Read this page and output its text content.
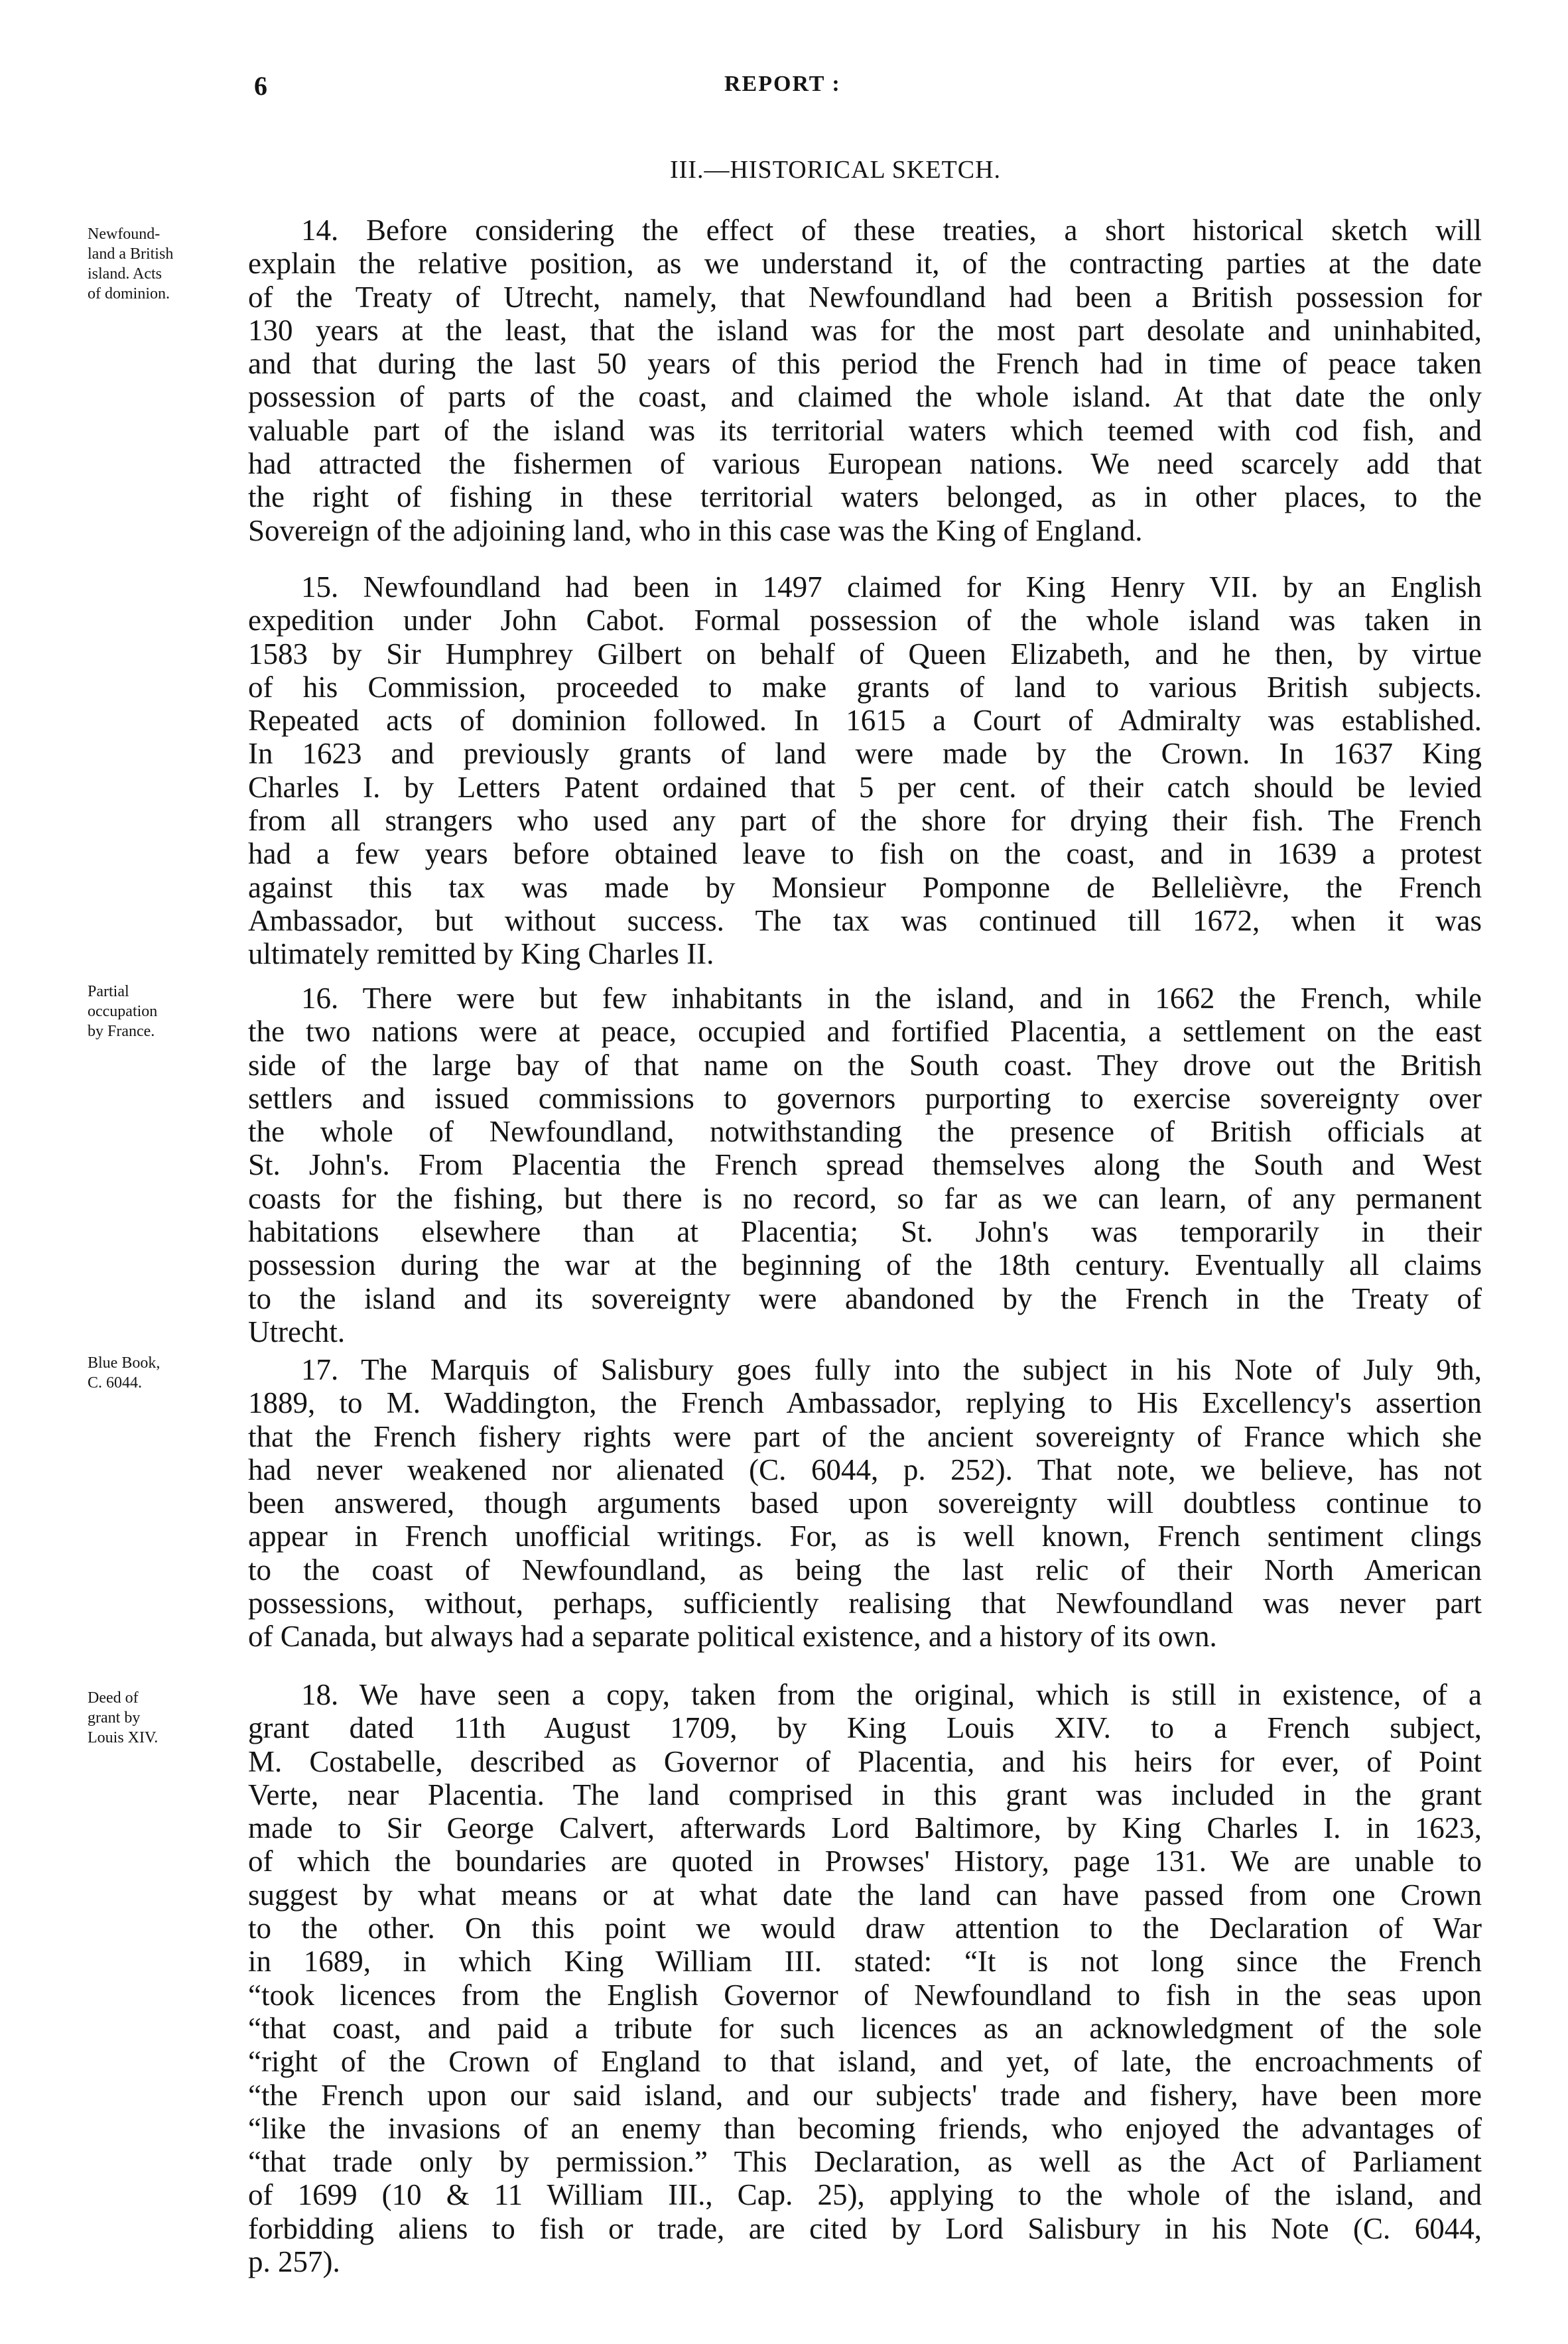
6	REPORT :
III.—HISTORICAL SKETCH.
Newfound-
land a British
island. Acts
of dominion.
14. Before considering the effect of these treaties, a short historical sketch will
explain the relative position, as we understand it, of the contracting parties at the date
of the Treaty of Utrecht, namely, that Newfoundland had been a British possession for
130 years at the least, that the island was for the most part desolate and uninhabited,
and that during the last 50 years of this period the French had in time of peace taken
possession of parts of the coast, and claimed the whole island. At that date the only
valuable part of the island was its territorial waters which teemed with cod fish, and
had attracted the fishermen of various European nations. We need scarcely add that
the right of fishing in these territorial waters belonged, as in other places, to the
Sovereign of the adjoining land, who in this case was the King of England.
15. Newfoundland had been in 1497 claimed for King Henry VII. by an English
expedition under John Cabot. Formal possession of the whole island was taken in
1583 by Sir Humphrey Gilbert on behalf of Queen Elizabeth, and he then, by virtue
of his Commission, proceeded to make grants of land to various British subjects.
Repeated acts of dominion followed. In 1615 a Court of Admiralty was established.
In 1623 and previously grants of land were made by the Crown. In 1637 King
Charles I. by Letters Patent ordained that 5 per cent. of their catch should be levied
from all strangers who used any part of the shore for drying their fish. The French
had a few years before obtained leave to fish on the coast, and in 1639 a protest
against this tax was made by Monsieur Pomponne de Bellelièvre, the French
Ambassador, but without success. The tax was continued till 1672, when it was
ultimately remitted by King Charles II.
Partial
occupation
by France.
16. There were but few inhabitants in the island, and in 1662 the French, while
the two nations were at peace, occupied and fortified Placentia, a settlement on the east
side of the large bay of that name on the South coast. They drove out the British
settlers and issued commissions to governors purporting to exercise sovereignty over
the whole of Newfoundland, notwithstanding the presence of British officials at
St. John's. From Placentia the French spread themselves along the South and West
coasts for the fishing, but there is no record, so far as we can learn, of any permanent
habitations elsewhere than at Placentia; St. John's was temporarily in their
possession during the war at the beginning of the 18th century. Eventually all claims
to the island and its sovereignty were abandoned by the French in the Treaty of
Utrecht.
Blue Book,
C. 6044.	17. The Marquis of Salisbury goes fully into the subject in his Note of July 9th,
1889, to M. Waddington, the French Ambassador, replying to His Excellency's assertion
that the French fishery rights were part of the ancient sovereignty of France which she
had never weakened nor alienated (C. 6044, p. 252). That note, we believe, has not
been answered, though arguments based upon sovereignty will doubtless continue to
appear in French unofficial writings. For, as is well known, French sentiment clings
to the coast of Newfoundland, as being the last relic of their North American
possessions, without, perhaps, sufficiently realising that Newfoundland was never part
of Canada, but always had a separate political existence, and a history of its own.
Deed of
grant by
Louis XIV.
18. We have seen a copy, taken from the original, which is still in existence, of a
grant dated 11th August 1709, by King Louis XIV. to a French subject,
M. Costabelle, described as Governor of Placentia, and his heirs for ever, of Point
Verte, near Placentia. The land comprised in this grant was included in the grant
made to Sir George Calvert, afterwards Lord Baltimore, by King Charles I. in 1623,
of which the boundaries are quoted in Prowses' History, page 131. We are unable to
suggest by what means or at what date the land can have passed from one Crown
to the other. On this point we would draw attention to the Declaration of War
in 1689, in which King William III. stated: “It is not long since the French
“took licences from the English Governor of Newfoundland to fish in the seas upon
“that coast, and paid a tribute for such licences as an acknowledgment of the sole
“right of the Crown of England to that island, and yet, of late, the encroachments of
“the French upon our said island, and our subjects' trade and fishery, have been more
“like the invasions of an enemy than becoming friends, who enjoyed the advantages of
“that trade only by permission.” This Declaration, as well as the Act of Parliament
of 1699 (10 & 11 William III., Cap. 25), applying to the whole of the island, and
forbidding aliens to fish or trade, are cited by Lord Salisbury in his Note (C. 6044,
p. 257).
